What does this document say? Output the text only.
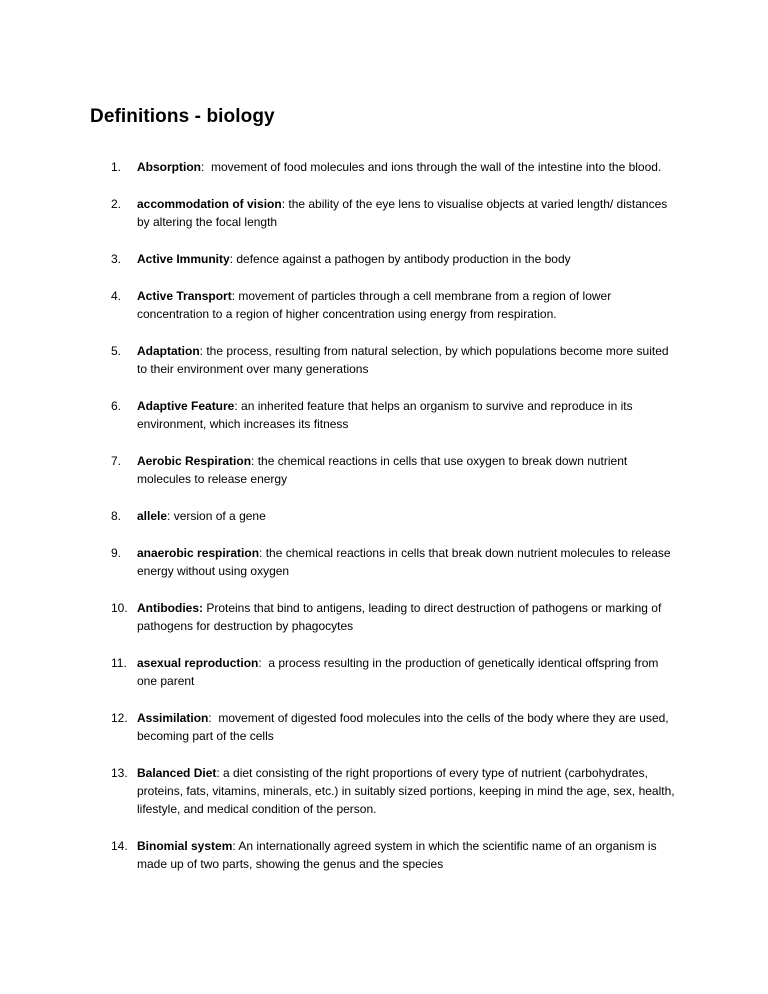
Definitions - biology
1.	Absorption:  movement of food molecules and ions through the wall of the intestine into the blood.
2.	accommodation of vision: the ability of the eye lens to visualise objects at varied length/ distances by altering the focal length
3.	Active Immunity: defence against a pathogen by antibody production in the body
4.	Active Transport: movement of particles through a cell membrane from a region of lower concentration to a region of higher concentration using energy from respiration.
5.	Adaptation: the process, resulting from natural selection, by which populations become more suited to their environment over many generations
6.	Adaptive Feature: an inherited feature that helps an organism to survive and reproduce in its environment, which increases its fitness
7.	Aerobic Respiration: the chemical reactions in cells that use oxygen to break down nutrient molecules to release energy
8.	allele: version of a gene
9.	anaerobic respiration: the chemical reactions in cells that break down nutrient molecules to release energy without using oxygen
10. Antibodies: Proteins that bind to antigens, leading to direct destruction of pathogens or marking of pathogens for destruction by phagocytes
11. asexual reproduction:  a process resulting in the production of genetically identical offspring from one parent
12. Assimilation:  movement of digested food molecules into the cells of the body where they are used, becoming part of the cells
13. Balanced Diet: a diet consisting of the right proportions of every type of nutrient (carbohydrates, proteins, fats, vitamins, minerals, etc.) in suitably sized portions, keeping in mind the age, sex, health, lifestyle, and medical condition of the person.
14. Binomial system: An internationally agreed system in which the scientific name of an organism is made up of two parts, showing the genus and the species
